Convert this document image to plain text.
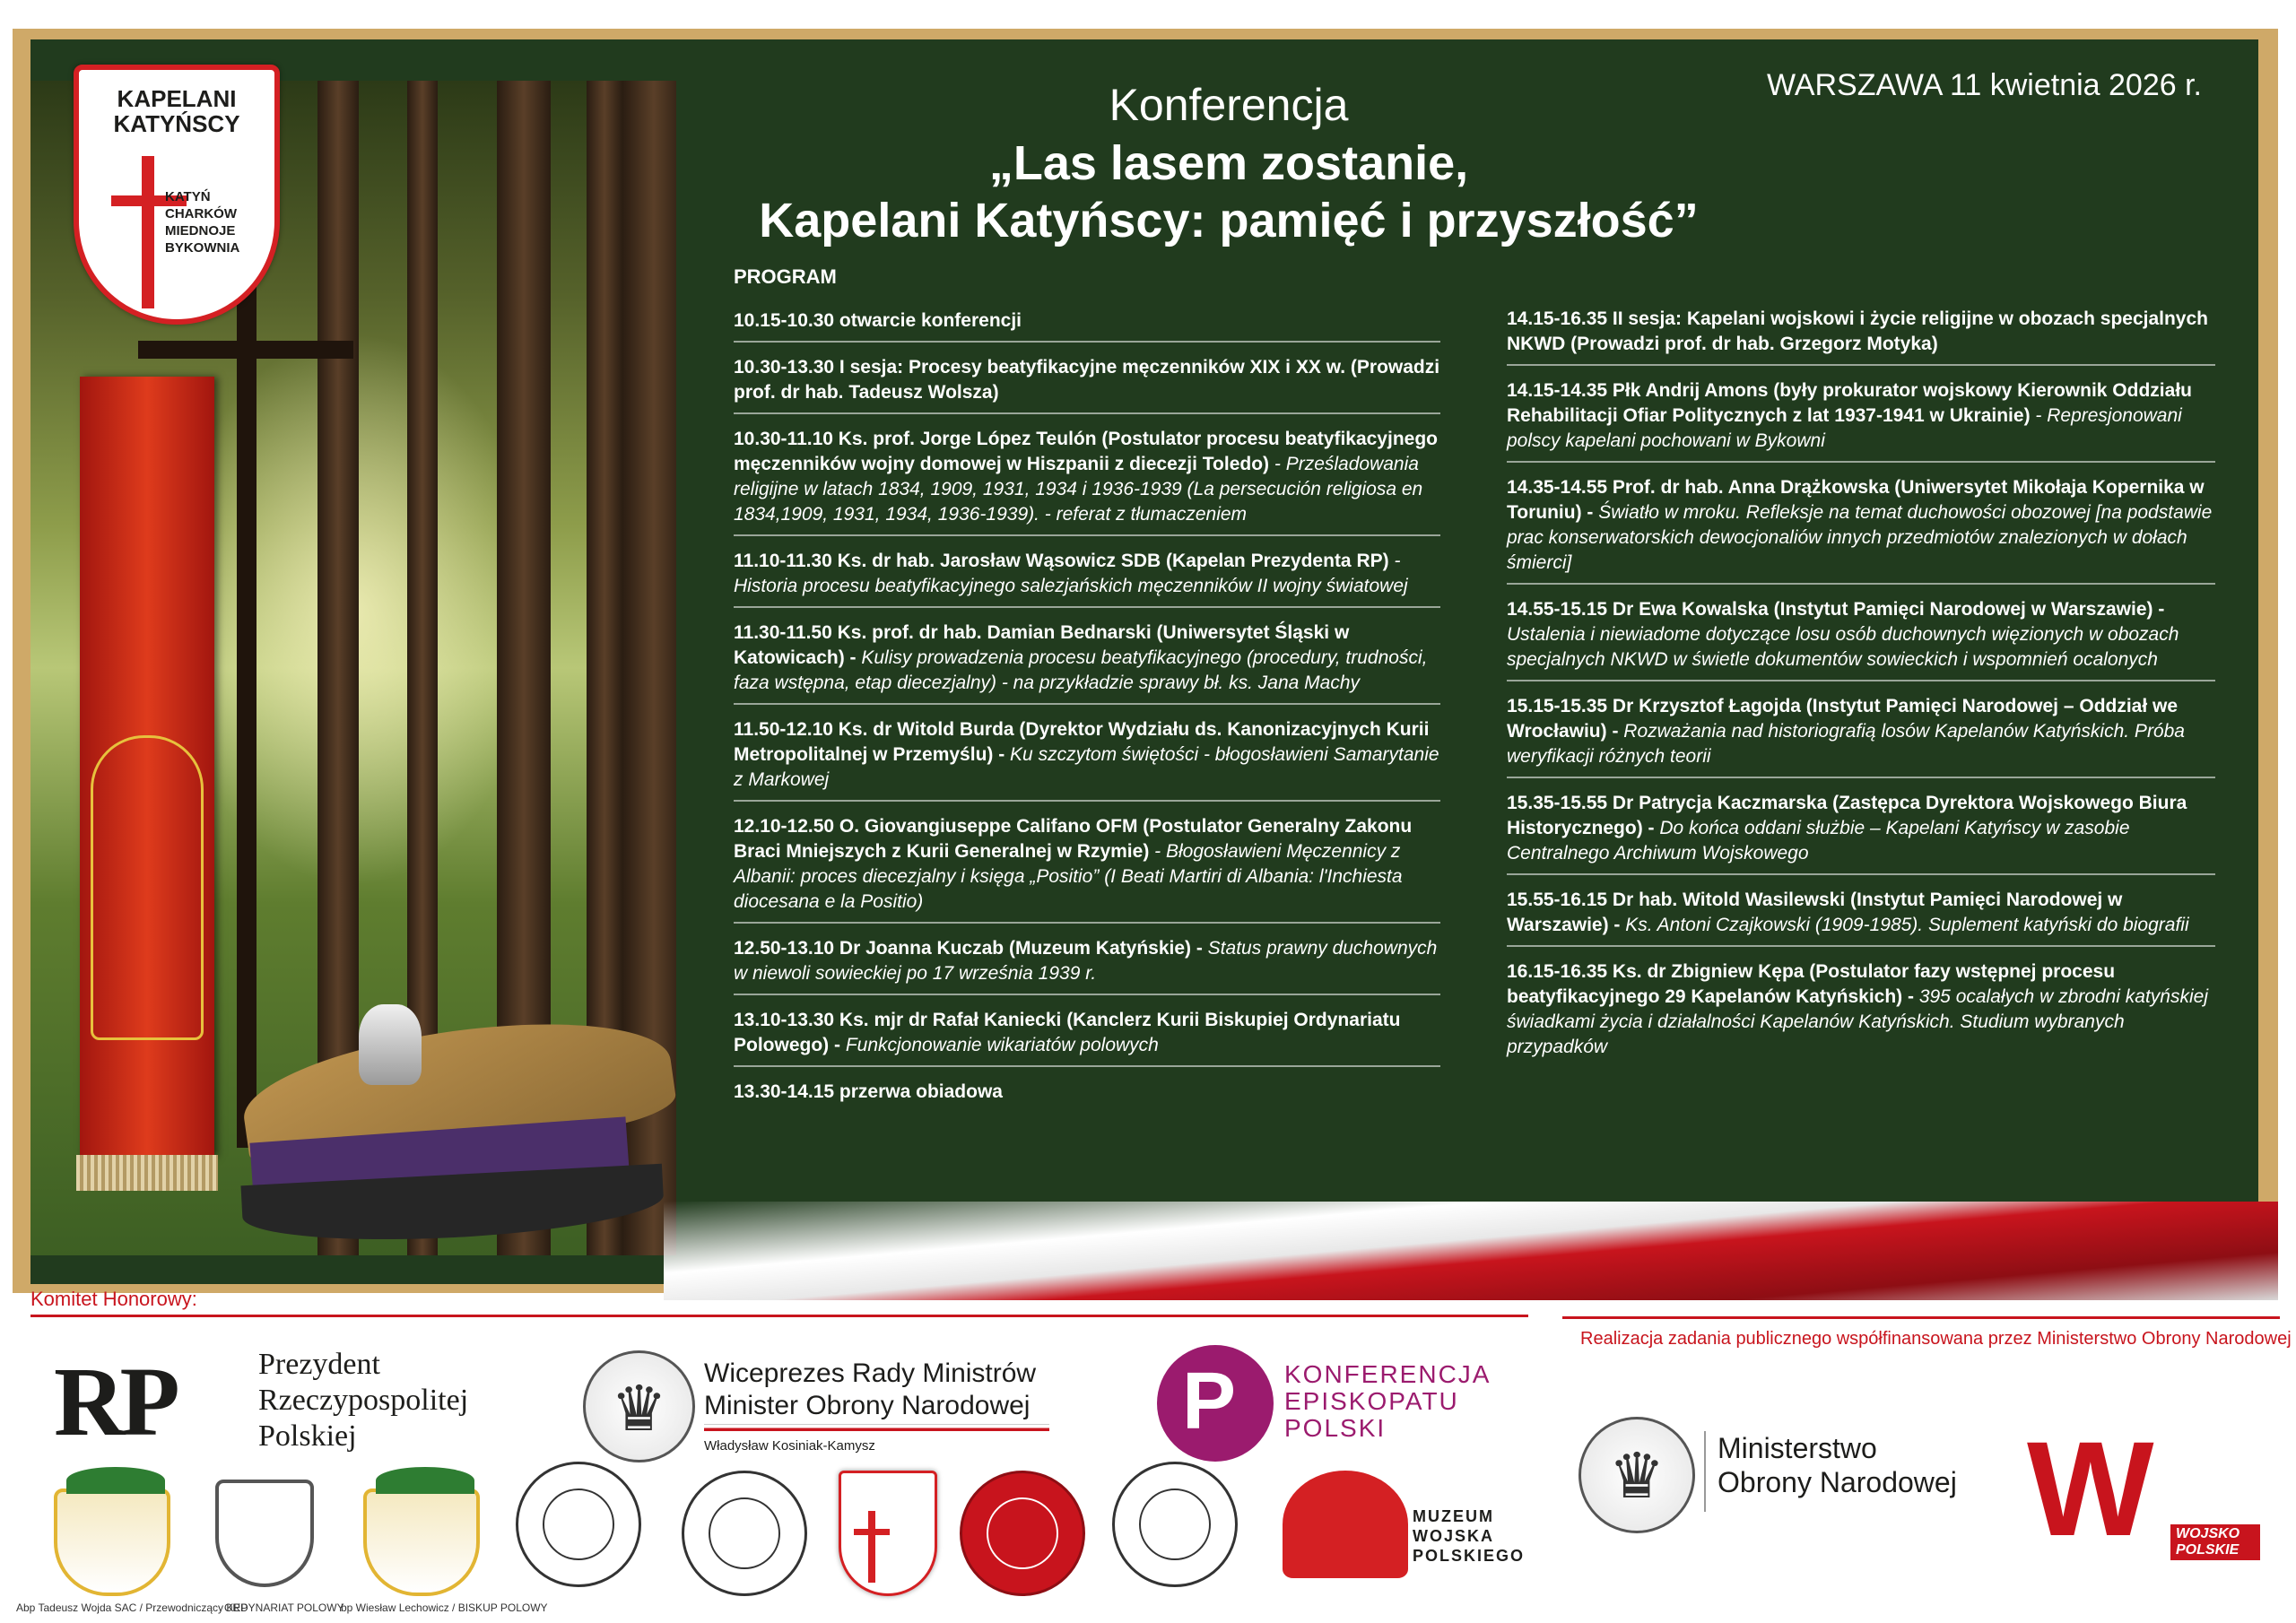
KAPELANI
KATYŃSCY
KATYŃ
CHARKÓW
MIEDNOJE
BYKOWNIA
WARSZAWA 11 kwietnia 2026 r.
Konferencja
„Las lasem zostanie,
Kapelani Katyńscy: pamięć i przyszłość”
PROGRAM
10.15-10.30 otwarcie konferencji
10.30-13.30 I sesja: Procesy beatyfikacyjne męczenników XIX i XX w. (Prowadzi prof. dr hab. Tadeusz Wolsza)
10.30-11.10 Ks. prof. Jorge López Teulón (Postulator procesu beatyfikacyjnego męczenników wojny domowej w Hiszpanii z diecezji Toledo) - Prześladowania religijne w latach 1834, 1909, 1931, 1934 i 1936-1939 (La persecución religiosa en 1834,1909, 1931, 1934, 1936-1939). - referat z tłumaczeniem
11.10-11.30 Ks. dr hab. Jarosław Wąsowicz SDB (Kapelan Prezydenta RP) - Historia procesu beatyfikacyjnego salezjańskich męczenników II wojny światowej
11.30-11.50 Ks. prof. dr hab. Damian Bednarski (Uniwersytet Śląski w Katowicach) - Kulisy prowadzenia procesu beatyfikacyjnego (procedury, trudności, faza wstępna, etap diecezjalny) - na przykładzie sprawy bł. ks. Jana Machy
11.50-12.10 Ks. dr Witold Burda (Dyrektor Wydziału ds. Kanonizacyjnych Kurii Metropolitalnej w Przemyślu) - Ku szczytom świętości - błogosławieni Samarytanie z Markowej
12.10-12.50 O. Giovangiuseppe Califano OFM (Postulator Generalny Zakonu Braci Mniejszych z Kurii Generalnej w Rzymie) - Błogosławieni Męczennicy z Albanii: proces diecezjalny i księga „Positio” (I Beati Martiri di Albania: l'Inchiesta diocesana e la Positio)
12.50-13.10 Dr Joanna Kuczab (Muzeum Katyńskie) - Status prawny duchownych w niewoli sowieckiej po 17 września 1939 r.
13.10-13.30 Ks. mjr dr Rafał Kaniecki (Kanclerz Kurii Biskupiej Ordynariatu Polowego) - Funkcjonowanie wikariatów polowych
13.30-14.15 przerwa obiadowa
14.15-16.35 II sesja: Kapelani wojskowi i życie religijne w obozach specjalnych NKWD (Prowadzi prof. dr hab. Grzegorz Motyka)
14.15-14.35 Płk Andrij Amons (były prokurator wojskowy Kierownik Oddziału Rehabilitacji Ofiar Politycznych z lat 1937-1941 w Ukrainie) - Represjonowani polscy kapelani pochowani w Bykowni
14.35-14.55 Prof. dr hab. Anna Drążkowska (Uniwersytet Mikołaja Kopernika w Toruniu) - Światło w mroku. Refleksje na temat duchowości obozowej [na podstawie prac konserwatorskich dewocjonaliów innych przedmiotów znalezionych w dołach śmierci]
14.55-15.15 Dr Ewa Kowalska (Instytut Pamięci Narodowej w Warszawie) - Ustalenia i niewiadome dotyczące losu osób duchownych więzionych w obozach specjalnych NKWD w świetle dokumentów sowieckich i wspomnień ocalonych
15.15-15.35 Dr Krzysztof Łagojda (Instytut Pamięci Narodowej – Oddział we Wrocławiu) - Rozważania nad historiografią losów Kapelanów Katyńskich. Próba weryfikacji różnych teorii
15.35-15.55 Dr Patrycja Kaczmarska (Zastępca Dyrektora Wojskowego Biura Historycznego) - Do końca oddani służbie – Kapelani Katyńscy w zasobie Centralnego Archiwum Wojskowego
15.55-16.15 Dr hab. Witold Wasilewski (Instytut Pamięci Narodowej w Warszawie) - Ks. Antoni Czajkowski (1909-1985). Suplement katyński do biografii
16.15-16.35 Ks. dr Zbigniew Kępa (Postulator fazy wstępnej procesu beatyfikacyjnego 29 Kapelanów Katyńskich) - 395 ocalałych w zbrodni katyńskiej świadkami życia i działalności Kapelanów Katyńskich. Studium wybranych przypadków
Komitet Honorowy:
Realizacja zadania publicznego współfinansowana przez Ministerstwo Obrony Narodowej
RP	Prezydent
Rzeczypospolitej
Polskiej	♛
Wiceprezes Rady Ministrów
Minister Obrony Narodowej
Władysław Kosiniak-Kamysz	P KONFERENCJA
EPISKOPATU
POLSKI
♛	Ministerstwo
Obrony Narodowej W	WOJSKO POLSKIE
Abp Tadeusz Wojda SAC / Przewodniczący KEP
ORDYNARIAT POLOWY
bp Wiesław Lechowicz / BISKUP POLOWY
MUZEUM
WOJSKA
POLSKIEGO
